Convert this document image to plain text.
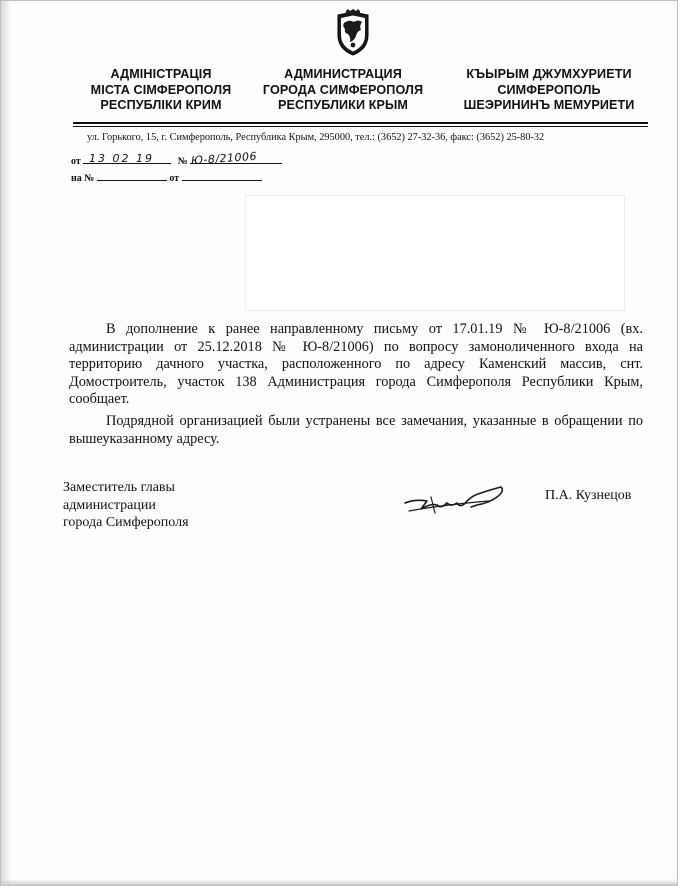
АДМІНІСТРАЦІЯ
МІСТА СІМФЕРОПОЛЯ
РЕСПУБЛІКИ КРИМ
АДМИНИСТРАЦИЯ
ГОРОДА СИМФЕРОПОЛЯ
РЕСПУБЛИКИ КРЫМ
КЪЫРЫМ ДЖУМХУРИЕТИ
СИМФЕРОПОЛЬ
ШЕЭРИНИНЪ МЕМУРИЕТИ
ул. Горького, 15, г. Симферополь, Республика Крым, 295000, тел.: (3652) 27-32-36, факс: (3652) 25-80-32
от	№
13 02 19	Ю-8/21006
на №	от

В дополнение к ранее направленному письму от 17.01.19 № Ю-8/21006 (вх. администрации от 25.12.2018 № Ю-8/21006) по вопросу замоноличенного входа на территорию дачного участка, расположенного по адресу Каменский массив, снт. Домостроитель, участок 138 Администрация города Симферополя Республики Крым, сообщает.

Подрядной организацией были устранены все замечания, указанные в обращении по вышеуказанному адресу.

Заместитель главы
администрации
города Симферополя
П.А. Кузнецов
